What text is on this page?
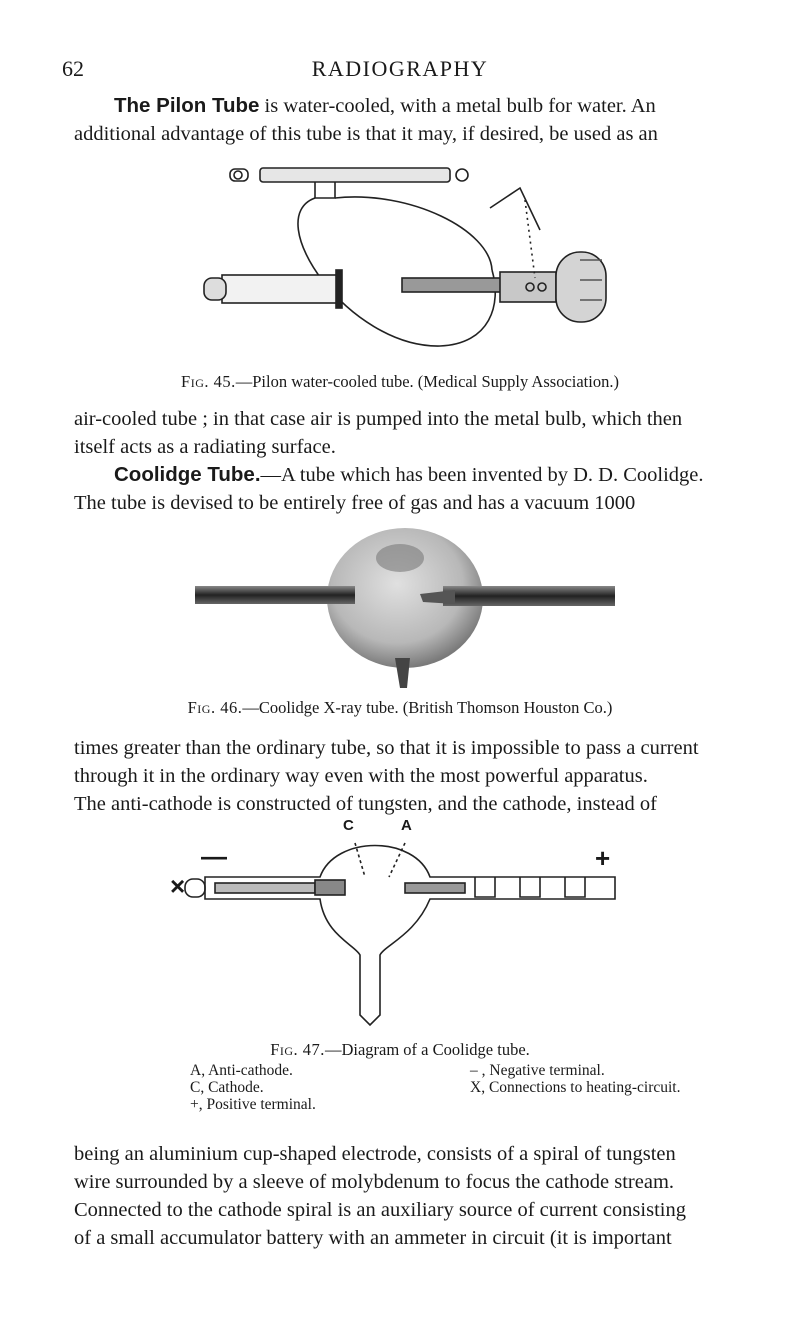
62	RADIOGRAPHY

The Pilon Tube is water-cooled, with a metal bulb for water. An
additional advantage of this tube is that it may, if desired, be used as an

Fig. 45.—Pilon water-cooled tube. (Medical Supply Association.)

air-cooled tube ; in that case air is pumped into the metal bulb, which then
itself acts as a radiating surface.

Coolidge Tube.—A tube which has been invented by D. D. Coolidge.
The tube is devised to be entirely free of gas and has a vacuum 1000

Fig. 46.—Coolidge X-ray tube. (British Thomson Houston Co.)

times greater than the ordinary tube, so that it is impossible to pass a current
through it in the ordinary way even with the most powerful apparatus.
The anti-cathode is constructed of tungsten, and the cathode, instead of

C	A
—	+
×
Fig. 47.—Diagram of a Coolidge tube.
A, Anti-cathode.
C, Cathode.
+, Positive terminal.
– , Negative terminal.
X, Connections to heating-circuit.

being an aluminium cup-shaped electrode, consists of a spiral of tungsten
wire surrounded by a sleeve of molybdenum to focus the cathode stream.
Connected to the cathode spiral is an auxiliary source of current consisting
of a small accumulator battery with an ammeter in circuit (it is important
